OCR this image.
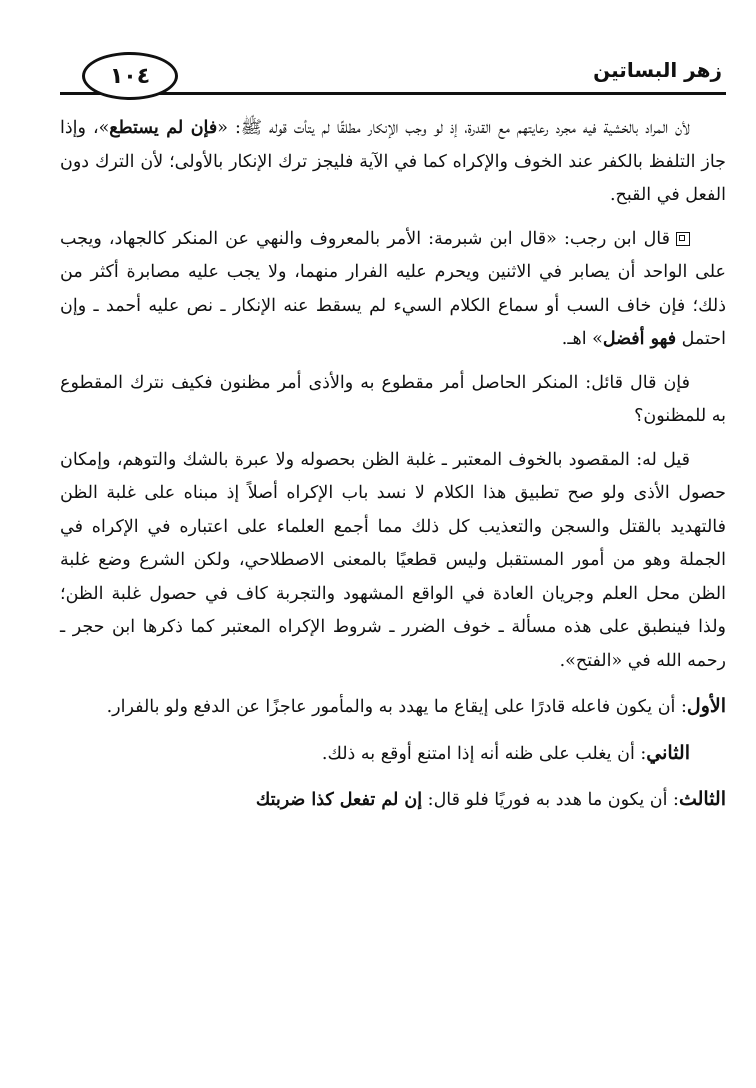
١٠٤	زهر البساتين

لأن المراد بالخشية فيه مجرد رعايتهم مع القدرة، إذ لو وجب الإنكار مطلقًا لم يتأت قوله ﷺ: «فإن لم يستطع»، وإذا جاز التلفظ بالكفر عند الخوف والإكراه كما في الآية فليجز ترك الإنكار بالأولى؛ لأن الترك دون الفعل في القبح.

قال ابن رجب: «قال ابن شبرمة: الأمر بالمعروف والنهي عن المنكر كالجهاد، ويجب على الواحد أن يصابر في الاثنين ويحرم عليه الفرار منهما، ولا يجب عليه مصابرة أكثر من ذلك؛ فإن خاف السب أو سماع الكلام السيء لم يسقط عنه الإنكار ـ نص عليه أحمد ـ وإن احتمل فهو أفضل» اهـ.

فإن قال قائل: المنكر الحاصل أمر مقطوع به والأذى أمر مظنون فكيف نترك المقطوع به للمظنون؟

قيل له: المقصود بالخوف المعتبر ـ غلبة الظن بحصوله ولا عبرة بالشك والتوهم، وإمكان حصول الأذى ولو صح تطبيق هذا الكلام لا نسد باب الإكراه أصلاً إذ مبناه على غلبة الظن فالتهديد بالقتل والسجن والتعذيب كل ذلك مما أجمع العلماء على اعتباره في الإكراه في الجملة وهو من أمور المستقبل وليس قطعيًا بالمعنى الاصطلاحي، ولكن الشرع وضع غلبة الظن محل العلم وجريان العادة في الواقع المشهود والتجربة كاف في حصول غلبة الظن؛ ولذا فينطبق على هذه مسألة ـ خوف الضرر ـ شروط الإكراه المعتبر كما ذكرها ابن حجر ـ رحمه الله في «الفتح».

الأول: أن يكون فاعله قادرًا على إيقاع ما يهدد به والمأمور عاجزًا عن الدفع ولو بالفرار.

الثاني: أن يغلب على ظنه أنه إذا امتنع أوقع به ذلك.

الثالث: أن يكون ما هدد به فوريًا فلو قال: إن لم تفعل كذا ضربتك
